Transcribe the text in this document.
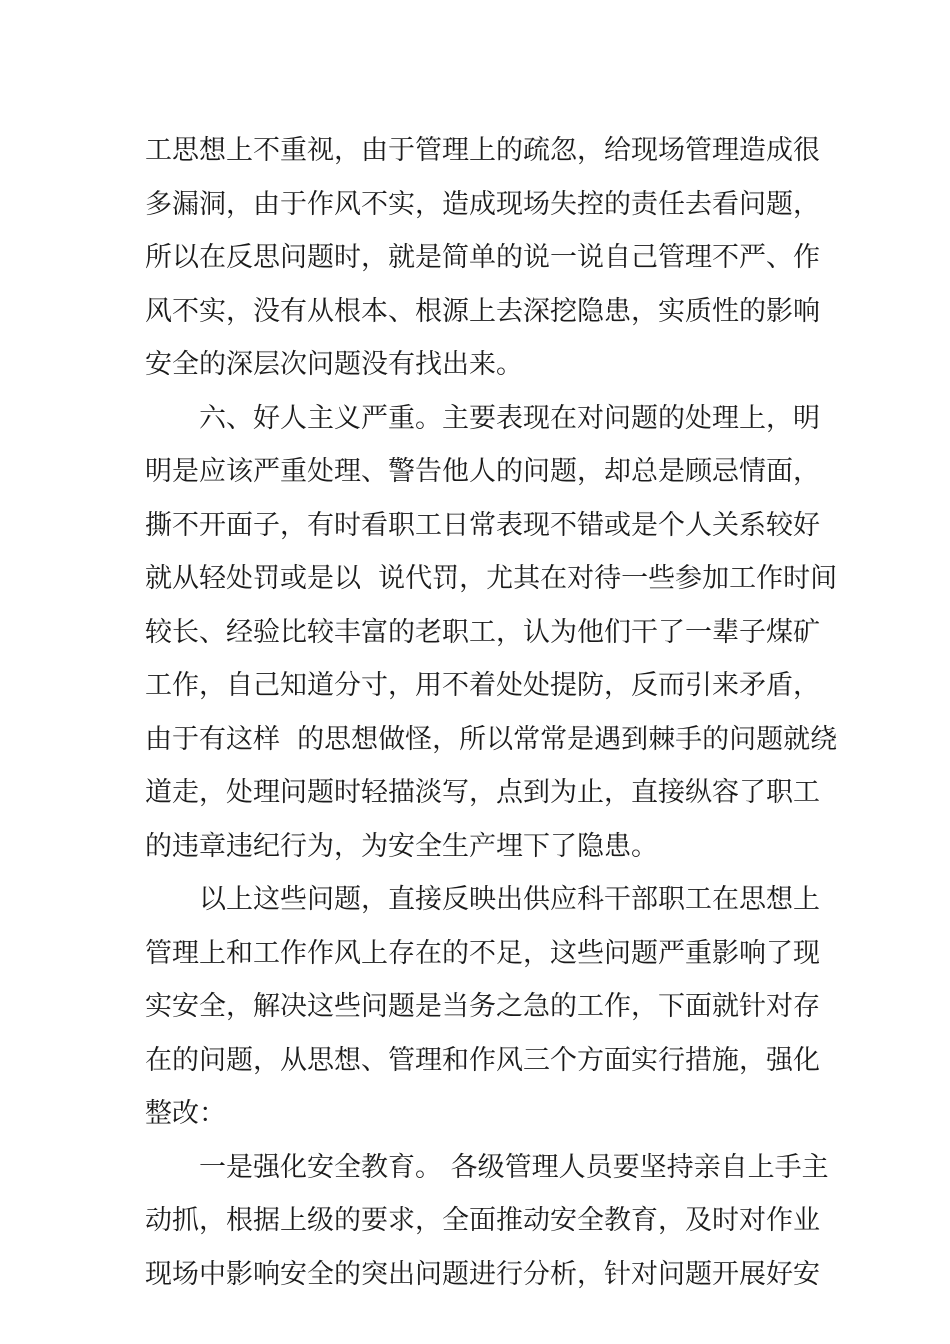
工思想上不重视，由于管理上的疏忽，给现场管理造成很
多漏洞，由于作风不实，造成现场失控的责任去看问题，
所以在反思问题时，就是简单的说一说自己管理不严、作
风不实，没有从根本、根源上去深挖隐患，实质性的影响
安全的深层次问题没有找出来。
六、好人主义严重。主要表现在对问题的处理上，明
明是应该严重处理、警告他人的问题，却总是顾忌情面，
撕不开面子，有时看职工日常表现不错或是个人关系较好
就从轻处罚或是以  说代罚，尤其在对待一些参加工作时间
较长、经验比较丰富的老职工，认为他们干了一辈子煤矿
工作，自己知道分寸，用不着处处提防，反而引来矛盾，
由于有这样  的思想做怪，所以常常是遇到棘手的问题就绕
道走，处理问题时轻描淡写，点到为止，直接纵容了职工
的违章违纪行为，为安全生产埋下了隐患。
以上这些问题，直接反映出供应科干部职工在思想上
管理上和工作作风上存在的不足，这些问题严重影响了现
实安全，解决这些问题是当务之急的工作，下面就针对存
在的问题，从思想、管理和作风三个方面实行措施，强化
整改：
一是强化安全教育。 各级管理人员要坚持亲自上手主
动抓，根据上级的要求，全面推动安全教育，及时对作业
现场中影响安全的突出问题进行分析，针对问题开展好安
